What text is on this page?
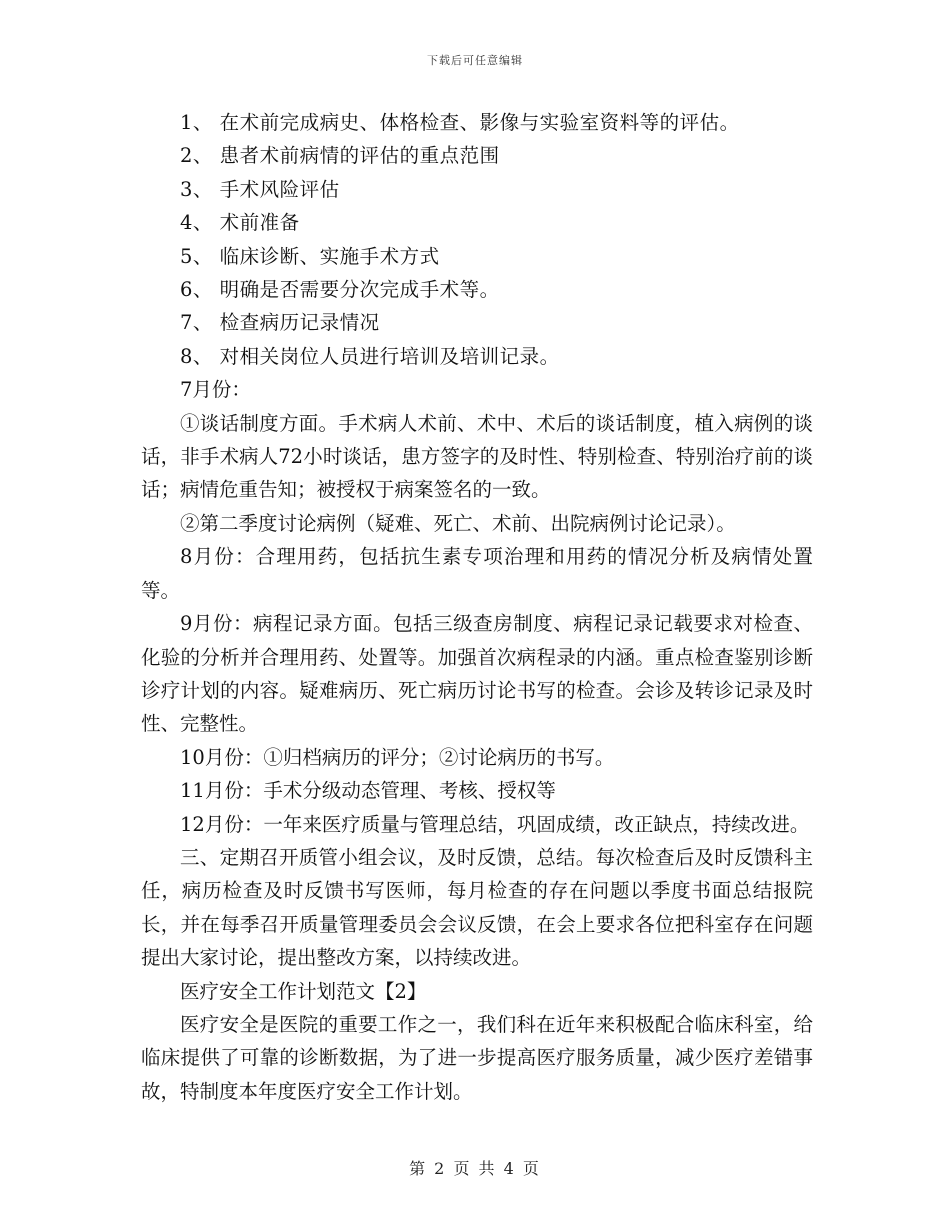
下载后可任意编辑

1、 在术前完成病史、体格检查、影像与实验室资料等的评估。

2、 患者术前病情的评估的重点范围

3、 手术风险评估

4、 术前准备

5、 临床诊断、实施手术方式

6、 明确是否需要分次完成手术等。

7、 检查病历记录情况

8、 对相关岗位人员进行培训及培训记录。

7月份：

①谈话制度方面。手术病人术前、术中、术后的谈话制度，植入病例的谈话，非手术病人72小时谈话，患方签字的及时性、特别检查、特别治疗前的谈话；病情危重告知；被授权于病案签名的一致。

②第二季度讨论病例（疑难、死亡、术前、出院病例讨论记录）。

8月份：合理用药，包括抗生素专项治理和用药的情况分析及病情处置等。

9月份：病程记录方面。包括三级查房制度、病程记录记载要求对检查、化验的分析并合理用药、处置等。加强首次病程录的内涵。重点检查鉴别诊断诊疗计划的内容。疑难病历、死亡病历讨论书写的检查。会诊及转诊记录及时性、完整性。

10月份：①归档病历的评分；②讨论病历的书写。

11月份：手术分级动态管理、考核、授权等

12月份：一年来医疗质量与管理总结，巩固成绩，改正缺点，持续改进。

三、定期召开质管小组会议，及时反馈，总结。每次检查后及时反馈科主任，病历检查及时反馈书写医师，每月检查的存在问题以季度书面总结报院长，并在每季召开质量管理委员会会议反馈，在会上要求各位把科室存在问题提出大家讨论，提出整改方案，以持续改进。

医疗安全工作计划范文【2】

医疗安全是医院的重要工作之一，我们科在近年来积极配合临床科室，给临床提供了可靠的诊断数据，为了进一步提高医疗服务质量，减少医疗差错事故，特制度本年度医疗安全工作计划。

第 2 页 共 4 页
